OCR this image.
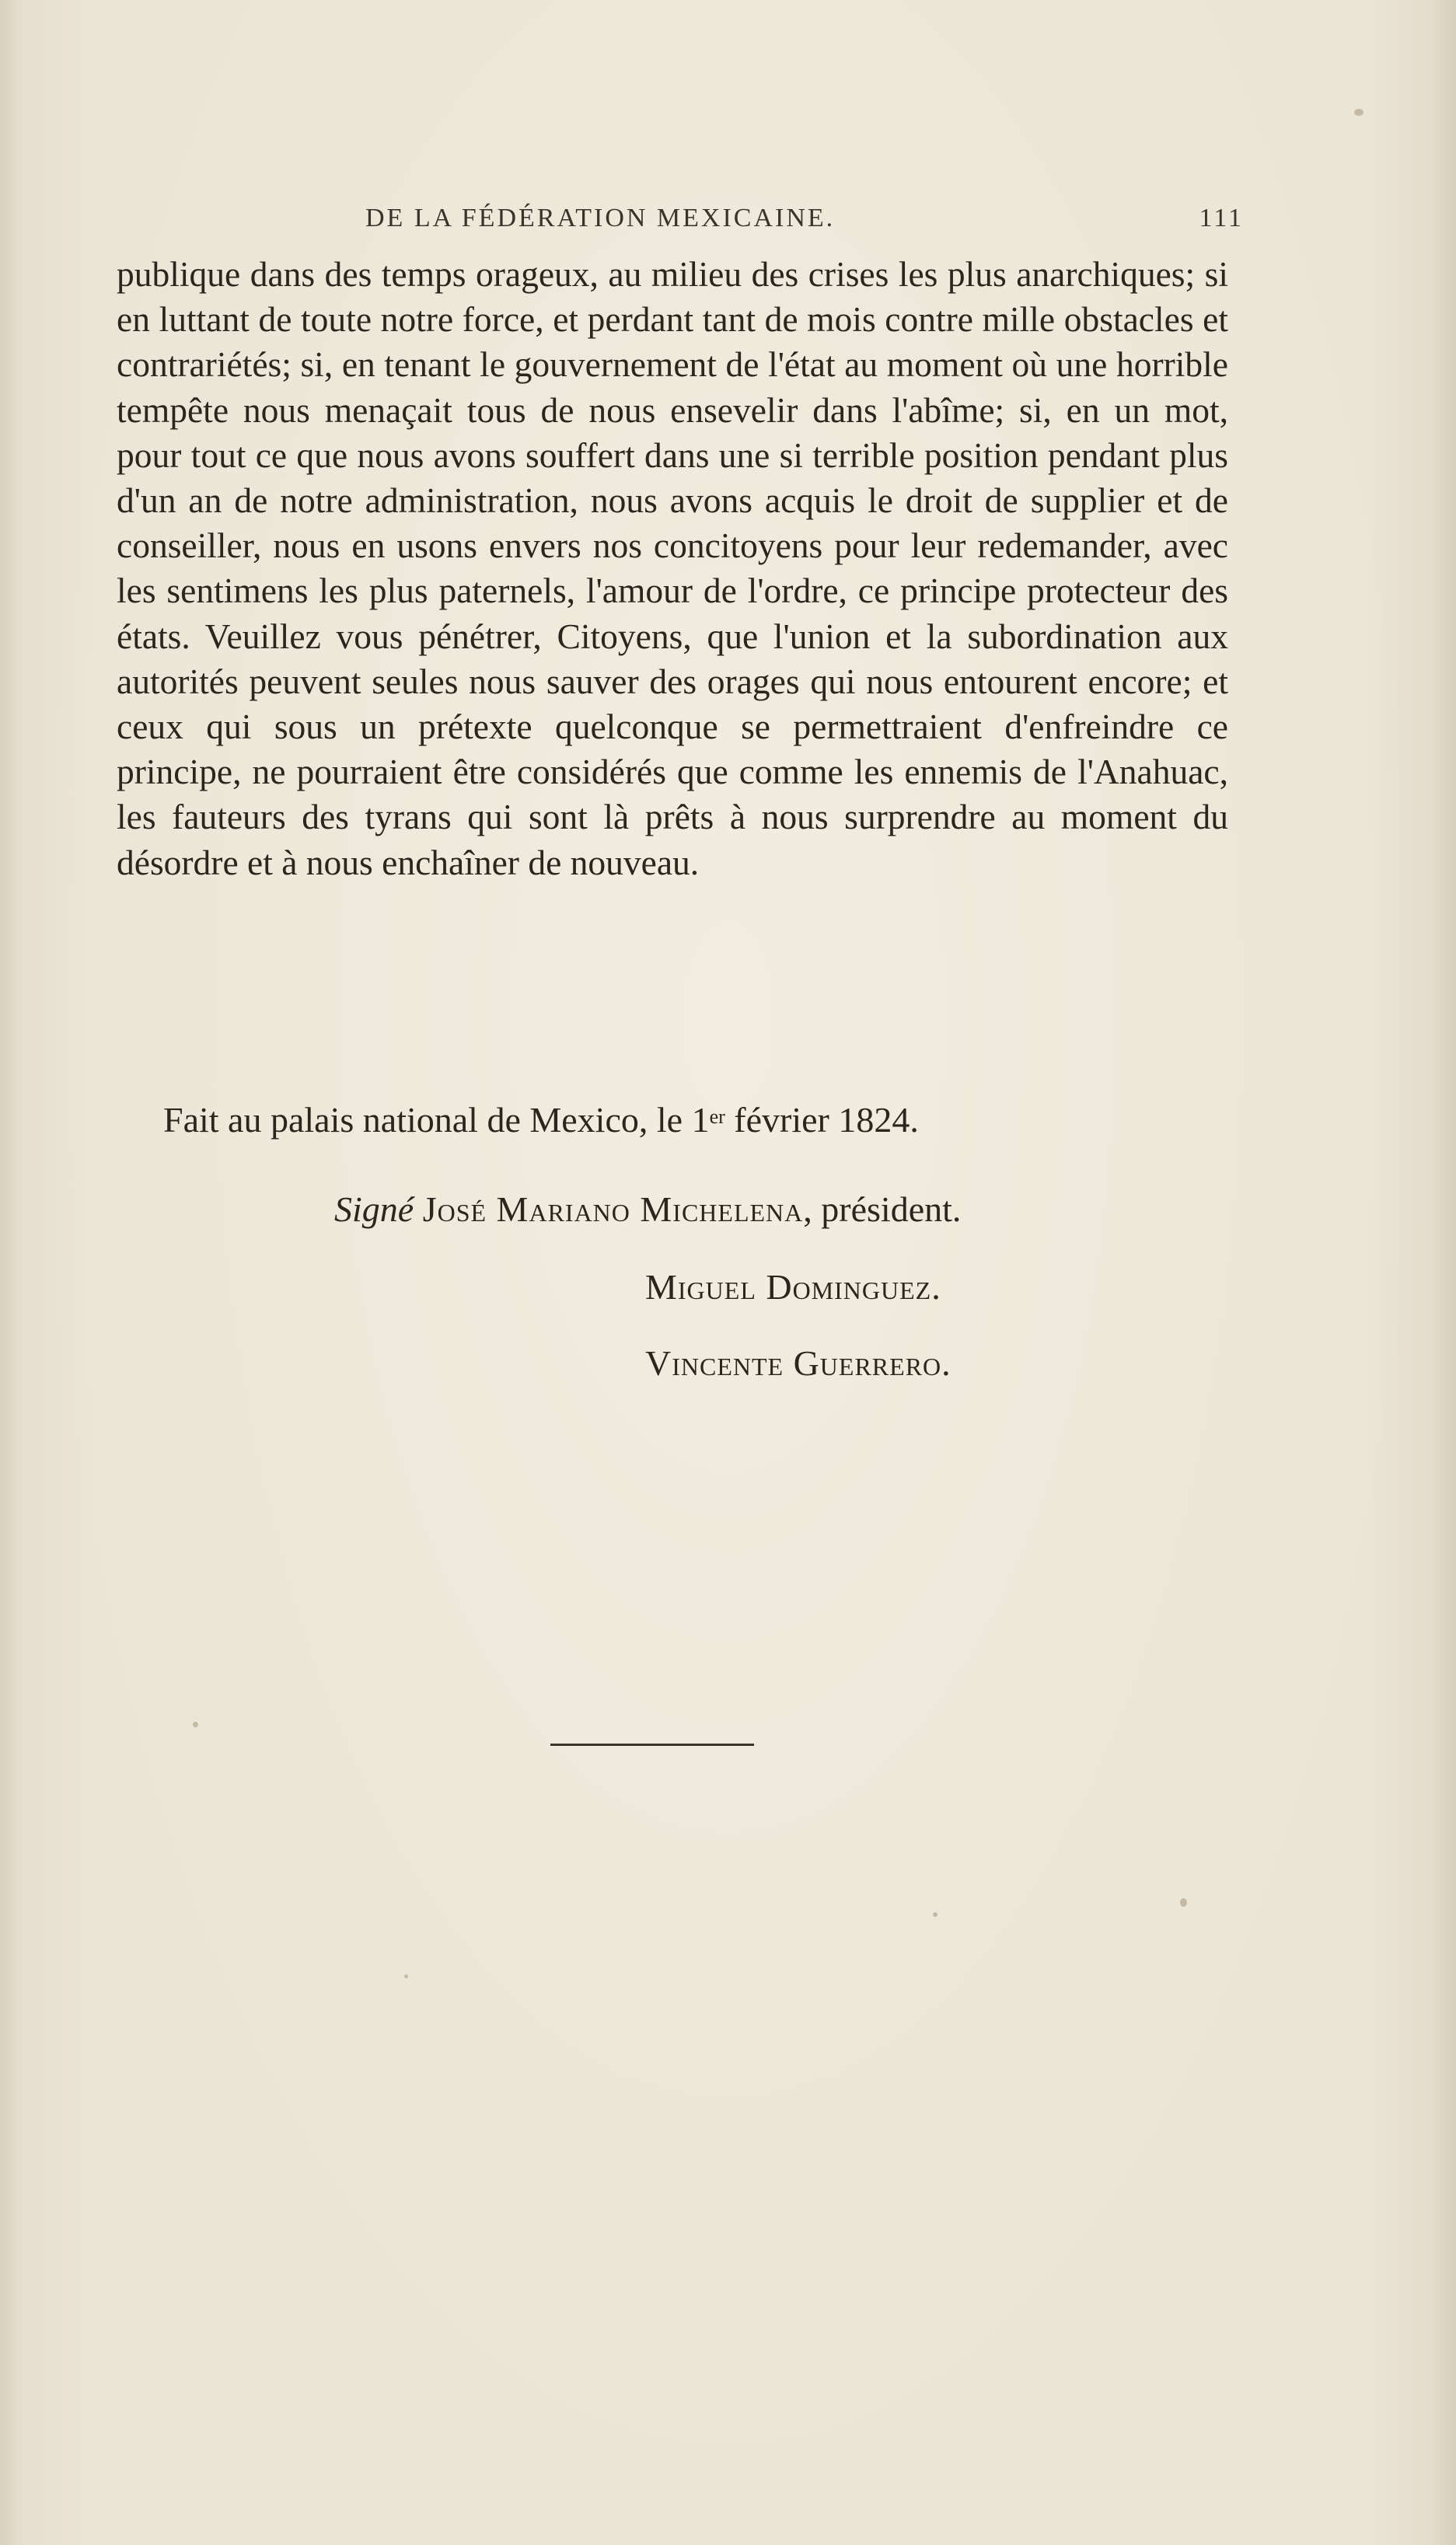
DE LA FÉDÉRATION MEXICAINE.	111

publique dans des temps orageux, au milieu des crises les plus anarchiques; si en luttant de toute notre force, et perdant tant de mois contre mille obstacles et contrariétés; si, en tenant le gouvernement de l'état au moment où une horrible tempête nous menaçait tous de nous ensevelir dans l'abîme; si, en un mot, pour tout ce que nous avons souffert dans une si terrible position pendant plus d'un an de notre administration, nous avons acquis le droit de supplier et de conseiller, nous en usons envers nos concitoyens pour leur redemander, avec les sentimens les plus paternels, l'amour de l'ordre, ce principe protecteur des états. Veuillez vous pénétrer, Citoyens, que l'union et la subordination aux autorités peuvent seules nous sauver des orages qui nous entourent encore; et ceux qui sous un prétexte quelconque se permettraient d'enfreindre ce principe, ne pourraient être considérés que comme les ennemis de l'Anahuac, les fauteurs des tyrans qui sont là prêts à nous surprendre au moment du désordre et à nous enchaîner de nouveau.

Fait au palais national de Mexico, le 1er février 1824.
Signé José Mariano Michelena, président.
Miguel Dominguez.
Vincente Guerrero.
